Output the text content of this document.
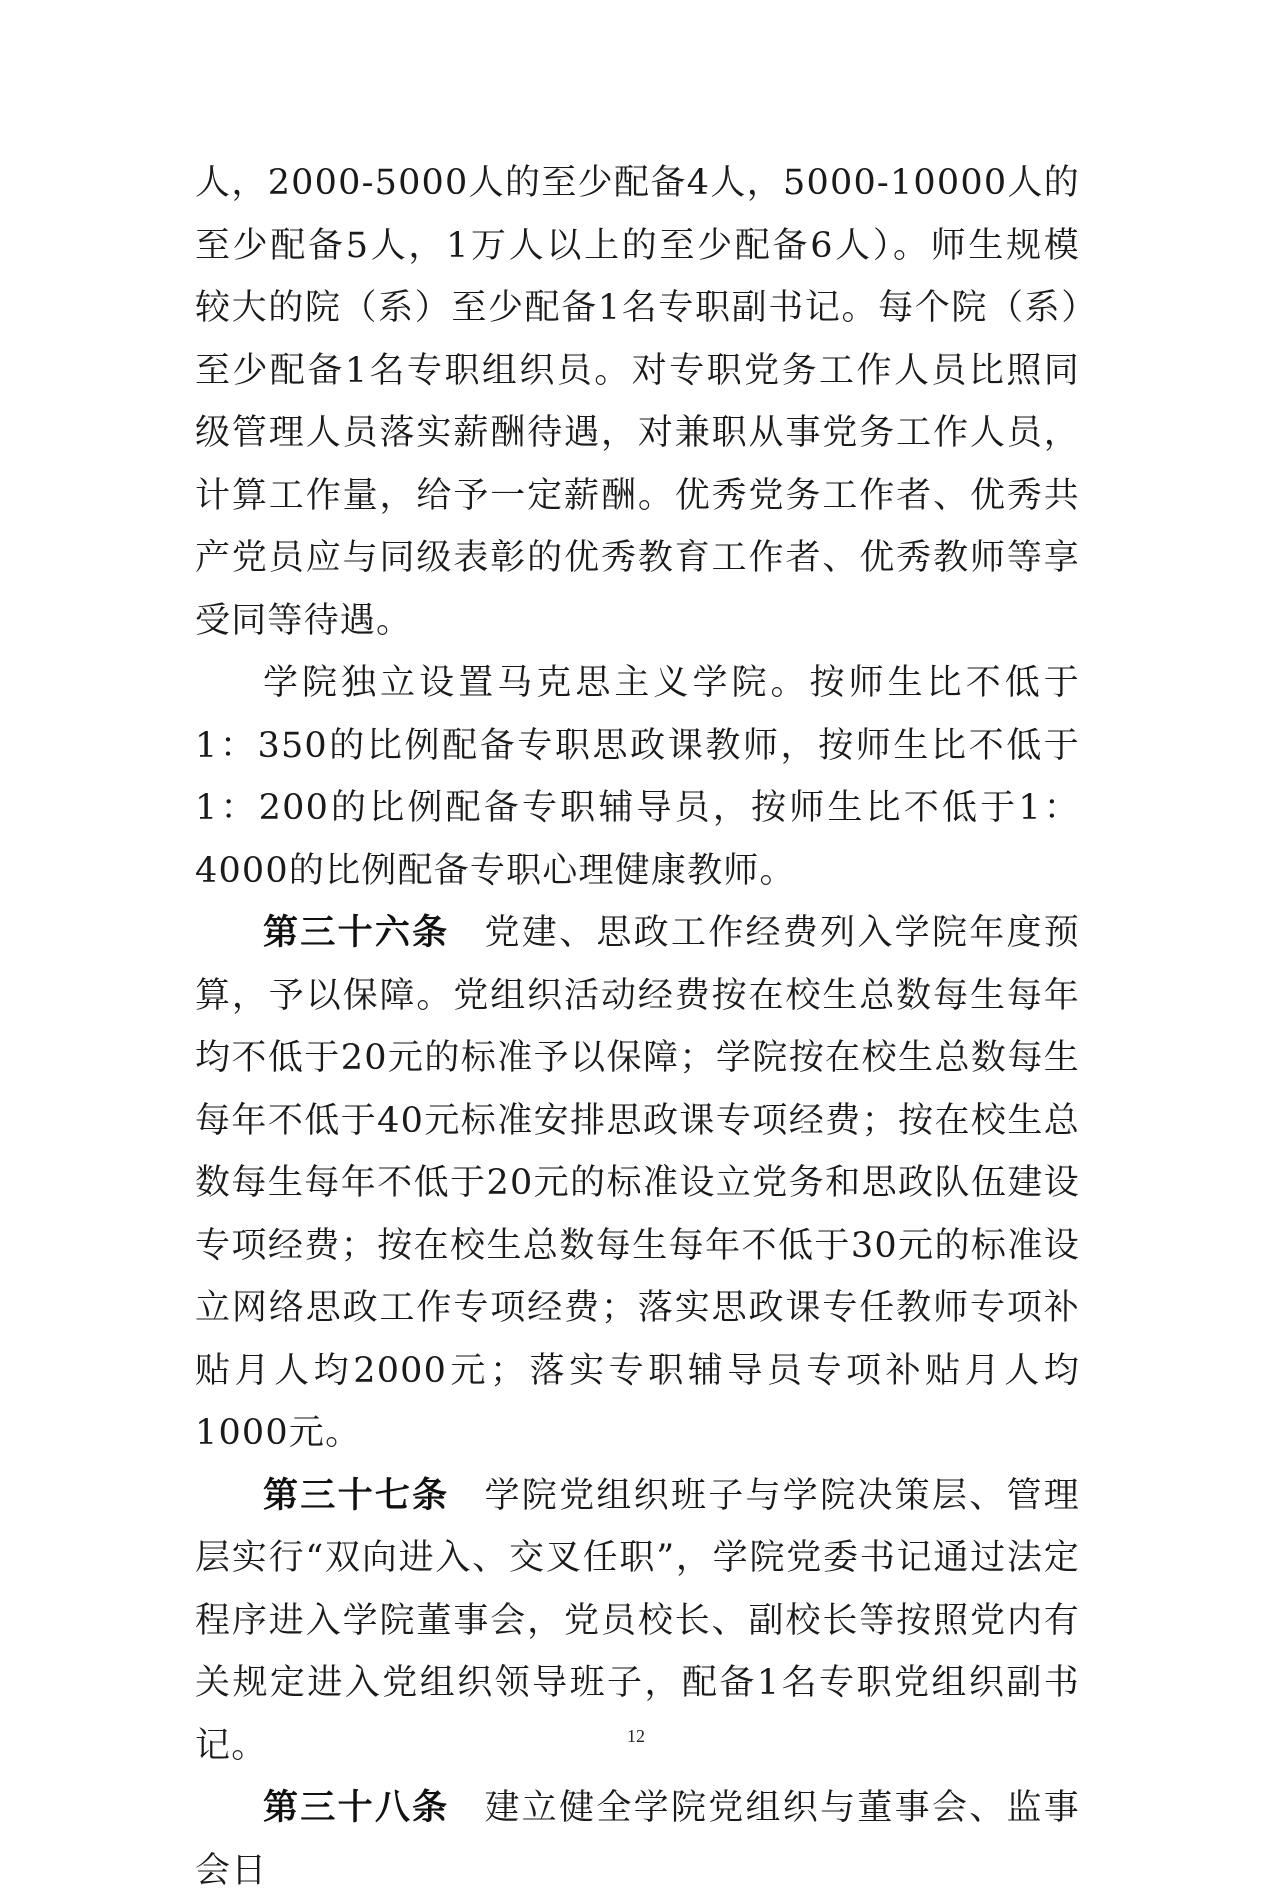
人，2000-5000人的至少配备4人，5000-10000人的至少配备5人，1万人以上的至少配备6人）。师生规模较大的院（系）至少配备1名专职副书记。每个院（系）至少配备1名专职组织员。对专职党务工作人员比照同级管理人员落实薪酬待遇，对兼职从事党务工作人员，计算工作量，给予一定薪酬。优秀党务工作者、优秀共产党员应与同级表彰的优秀教育工作者、优秀教师等享受同等待遇。

学院独立设置马克思主义学院。按师生比不低于1：350的比例配备专职思政课教师，按师生比不低于1：200的比例配备专职辅导员，按师生比不低于1：4000的比例配备专职心理健康教师。

第三十六条 党建、思政工作经费列入学院年度预算，予以保障。党组织活动经费按在校生总数每生每年均不低于20元的标准予以保障；学院按在校生总数每生每年不低于40元标准安排思政课专项经费；按在校生总数每生每年不低于20元的标准设立党务和思政队伍建设专项经费；按在校生总数每生每年不低于30元的标准设立网络思政工作专项经费；落实思政课专任教师专项补贴月人均2000元；落实专职辅导员专项补贴月人均1000元。

第三十七条 学院党组织班子与学院决策层、管理层实行“双向进入、交叉任职”，学院党委书记通过法定程序进入学院董事会，党员校长、副校长等按照党内有关规定进入党组织领导班子，配备1名专职党组织副书记。

第三十八条 建立健全学院党组织与董事会、监事会日

12
